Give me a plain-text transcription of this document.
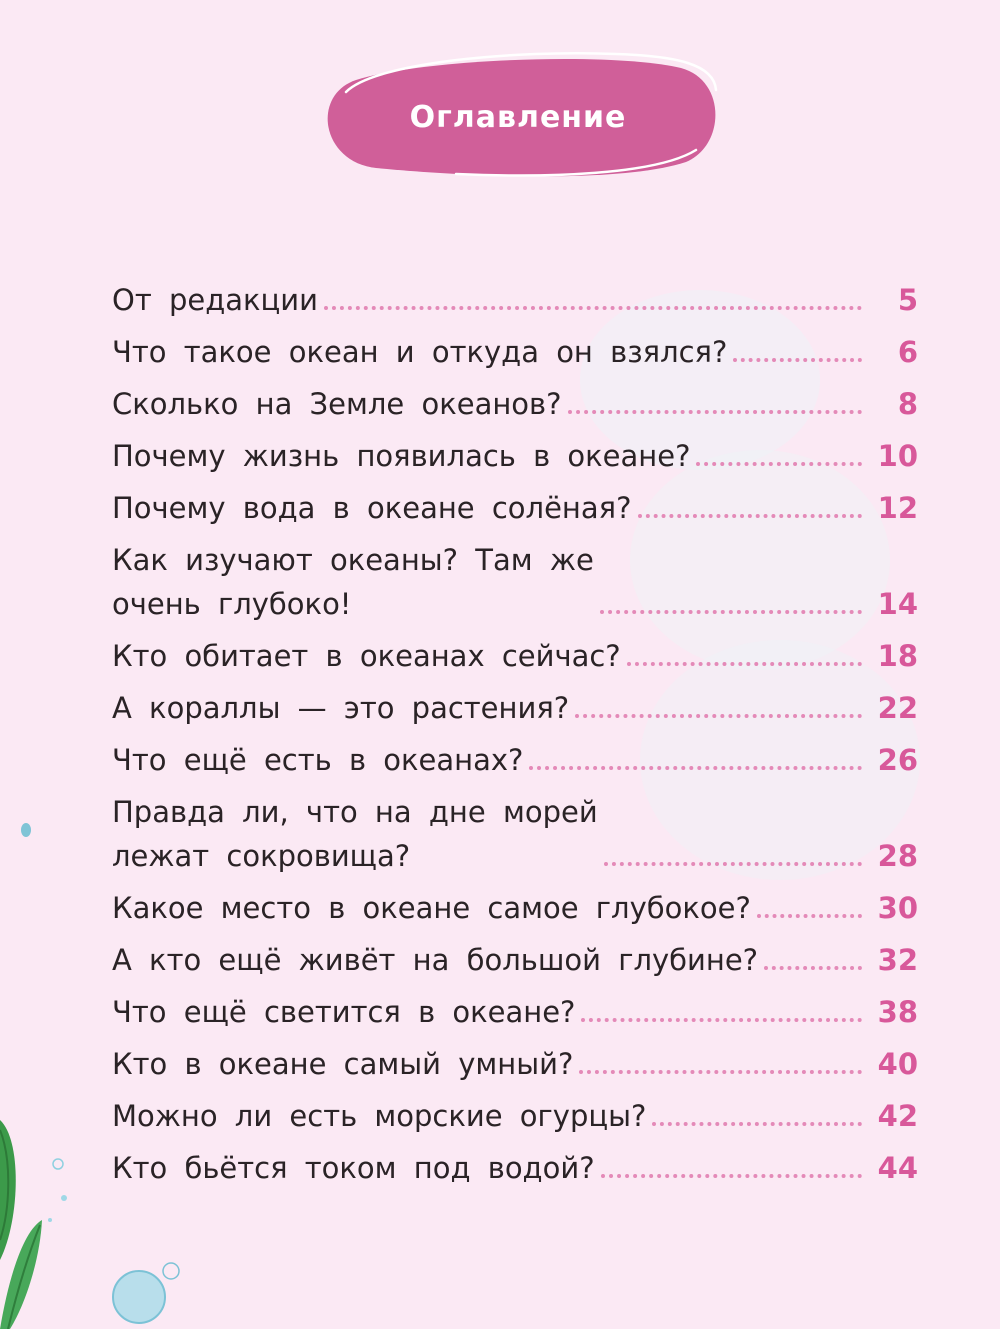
Оглавление
От редакции	5
Что такое океан и откуда он взялся?	6
Сколько на Земле океанов?	8
Почему жизнь появилась в океане?	10
Почему вода в океане солёная?	12
Как изучают океаны? Там же
очень глубоко!	14
Кто обитает в океанах сейчас?	18
А кораллы — это растения?	22
Что ещё есть в океанах?	26
Правда ли, что на дне морей
лежат сокровища?	28
Какое место в океане самое глубокое?	30
А кто ещё живёт на большой глубине?	32
Что ещё светится в океане?	38
Кто в океане самый умный?	40
Можно ли есть морские огурцы?	42
Кто бьётся током под водой?	44
